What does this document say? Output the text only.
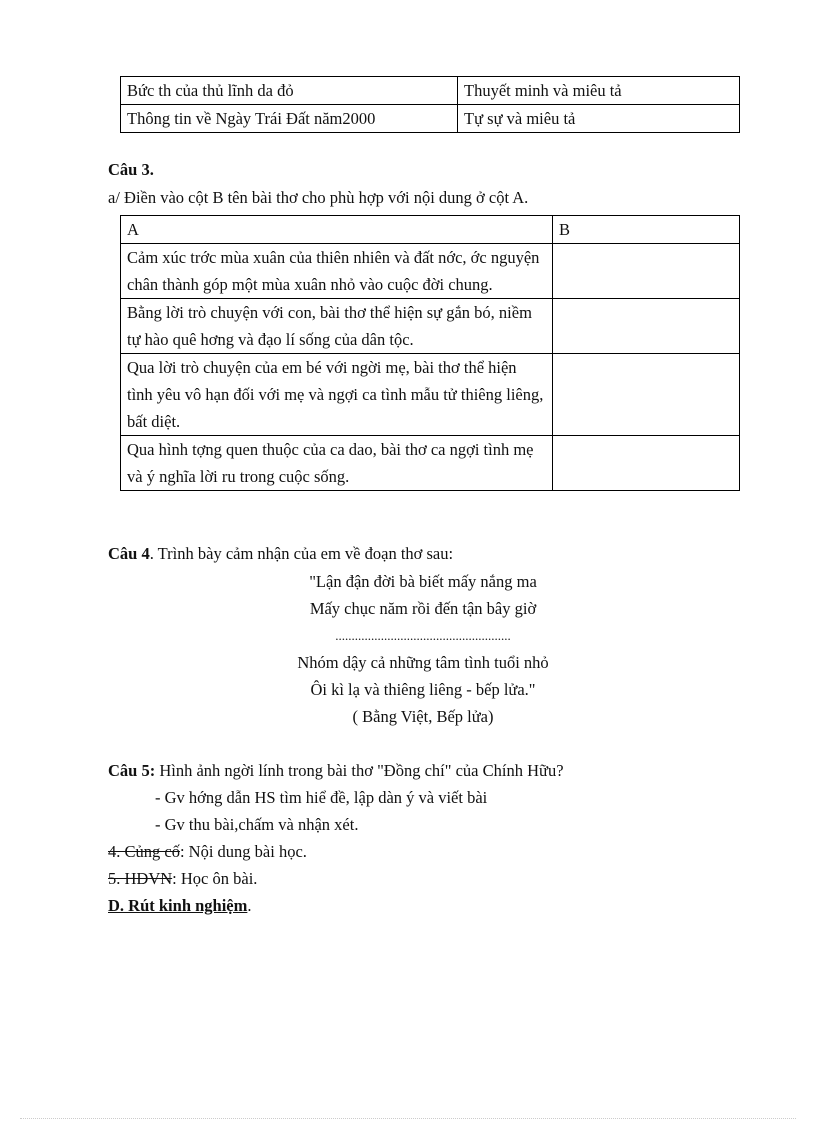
Bức th của thủ lĩnh da đỏ	Thuyết minh và miêu tả
Thông tin về Ngày Trái Đất năm2000	Tự sự và miêu tả
Câu 3.
a/ Điền vào cột B tên bài thơ cho phù hợp với nội dung ở cột A.
A	B
Cảm xúc trớc mùa xuân của thiên nhiên và đất nớc, ớc nguyện chân thành góp một mùa xuân nhỏ vào cuộc đời chung.	
Bằng lời trò chuyện với con, bài thơ thể hiện sự gắn bó, niềm tự hào quê hơng và đạo lí sống của dân tộc.	
Qua lời trò chuyện của em bé với ngời mẹ, bài thơ thể hiện tình yêu vô hạn đối với mẹ và ngợi ca tình mẫu tử thiêng liêng, bất diệt.	
Qua hình tợng quen thuộc của ca dao, bài thơ ca ngợi tình mẹ và ý nghĩa lời ru trong cuộc sống.	
Câu 4. Trình bày cảm nhận của em về đoạn thơ sau:
"Lận đận đời bà biết mấy nắng ma
Mấy chục năm rồi đến tận bây giờ
......................................................
Nhóm dậy cả những tâm tình tuổi nhỏ
Ôi kì lạ và thiêng liêng - bếp lửa."
( Bằng Việt, Bếp lửa)
Câu 5: Hình ảnh ngời lính trong bài thơ "Đồng chí" của Chính Hữu?
- Gv hớng dẫn HS tìm hiể đề, lập dàn ý và viết bài
- Gv thu bài,chấm và nhận xét.
4. Củng cố: Nội dung bài học.
5. HDVN: Học ôn bài.
D. Rút kinh nghiệm.
